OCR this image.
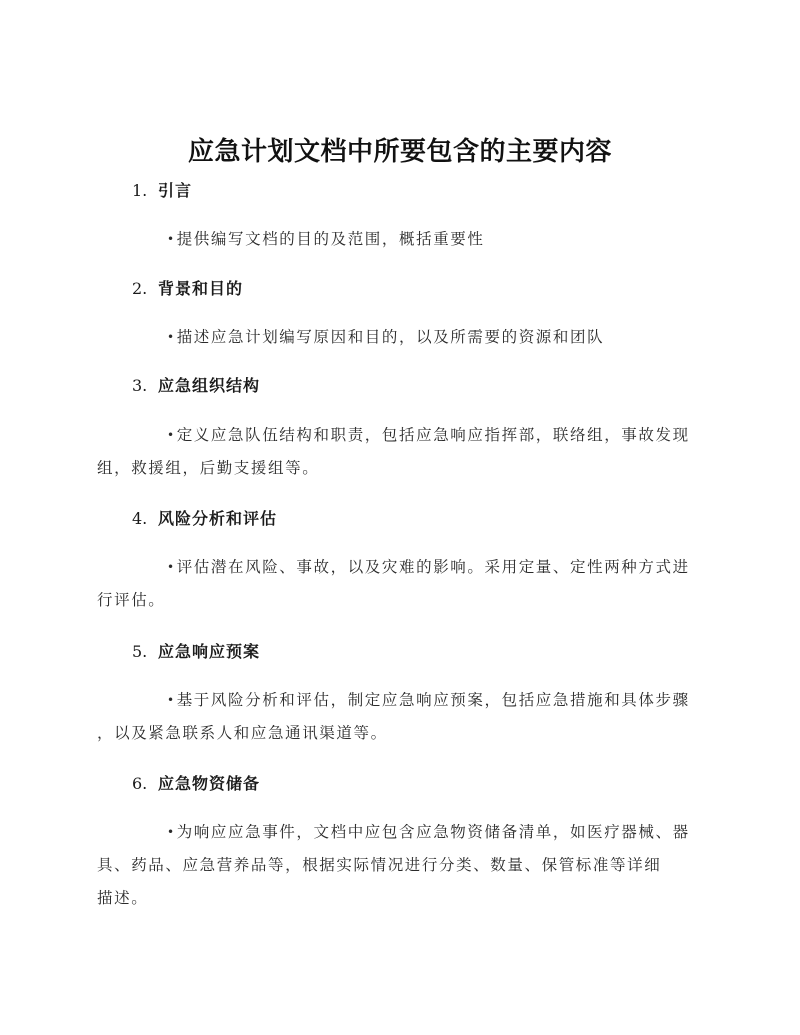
应急计划文档中所要包含的主要内容
1. 引言
•提供编写文档的目的及范围，概括重要性
2. 背景和目的
•描述应急计划编写原因和目的，以及所需要的资源和团队
3. 应急组织结构
•定义应急队伍结构和职责，包括应急响应指挥部，联络组，事故发现
组，救援组，后勤支援组等。
4. 风险分析和评估
•评估潜在风险、事故，以及灾难的影响。采用定量、定性两种方式进
行评估。
5. 应急响应预案
•基于风险分析和评估，制定应急响应预案，包括应急措施和具体步骤
，以及紧急联系人和应急通讯渠道等。
6. 应急物资储备
•为响应应急事件，文档中应包含应急物资储备清单，如医疗器械、器
具、药品、应急营养品等，根据实际情况进行分类、数量、保管标准等详细
描述。
